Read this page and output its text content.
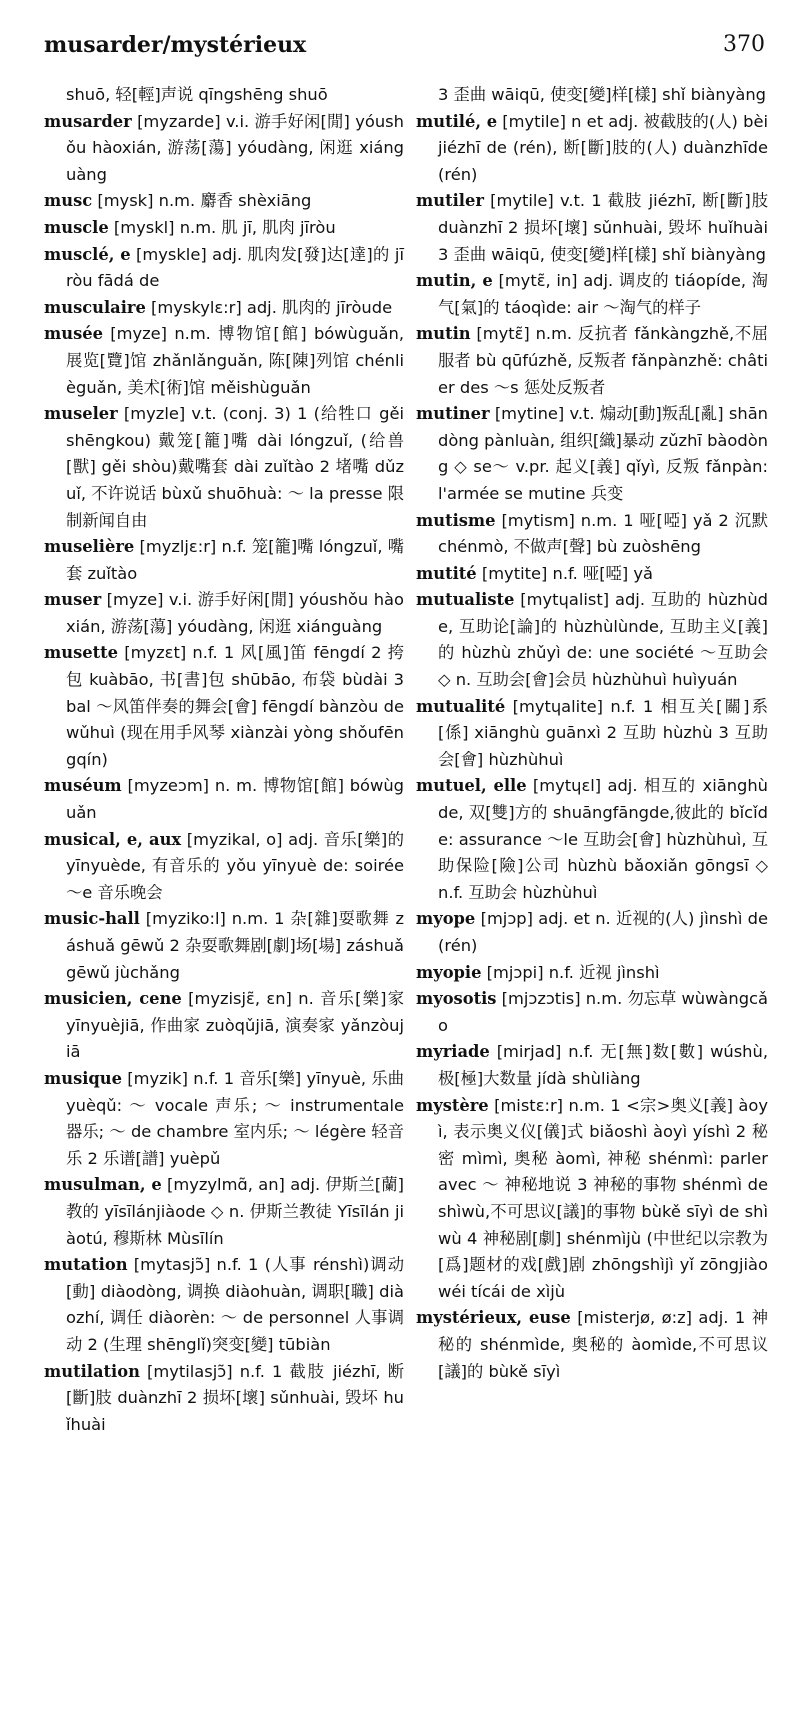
musarder/mystérieux	370

shuō, 轻[輕]声说 qīngshēng shuō

musarder [myzarde] v.i. 游手好闲[閒] yóushǒu hàoxián, 游荡[蕩] yóudàng, 闲逛 xiánguàng

musc [mysk] n.m. 麝香 shèxiāng

muscle [myskl] n.m. 肌 jī, 肌肉 jīròu

musclé, e [myskle] adj. 肌肉发[發]达[達]的 jīròu fādá de

musculaire [myskylɛ:r] adj. 肌肉的 jīròude

musée [myze] n.m. 博物馆[館] bówùguǎn, 展览[覽]馆 zhǎnlǎnguǎn, 陈[陳]列馆 chénlièguǎn, 美术[術]馆 měishùguǎn

museler [myzle] v.t. (conj. 3) 1 (给牲口 gěi shēngkou) 戴笼[籠]嘴 dài lóngzuǐ, (给兽[獸] gěi shòu)戴嘴套 dài zuǐtào 2 堵嘴 dǔzuǐ, 不许说话 bùxǔ shuōhuà: ～ la presse 限制新闻自由

muselière [myzljɛ:r] n.f. 笼[籠]嘴 lóngzuǐ, 嘴套 zuǐtào

muser [myze] v.i. 游手好闲[閒] yóushǒu hàoxián, 游荡[蕩] yóudàng, 闲逛 xiánguàng

musette [myzɛt] n.f. 1 风[風]笛 fēngdí 2 挎包 kuàbāo, 书[書]包 shūbāo, 布袋 bùdài 3 bal ～风笛伴奏的舞会[會] fēngdí bànzòu de wǔhuì (现在用手风琴 xiànzài yòng shǒufēngqín)

muséum [myzeɔm] n. m. 博物馆[館] bówùguǎn

musical, e, aux [myzikal, o] adj. 音乐[樂]的 yīnyuède, 有音乐的 yǒu yīnyuè de: soirée ～e 音乐晚会

music-hall [myziko:l] n.m. 1 杂[雜]耍歌舞 záshuǎ gēwǔ 2 杂耍歌舞剧[劇]场[場] záshuǎ gēwǔ jùchǎng

musicien, cene [myzisjɛ̃, ɛn] n. 音乐[樂]家 yīnyuèjiā, 作曲家 zuòqǔjiā, 演奏家 yǎnzòujiā

musique [myzik] n.f. 1 音乐[樂] yīnyuè, 乐曲 yuèqǔ: ～ vocale 声乐; ～ instrumentale 器乐; ～ de chambre 室内乐; ～ légère 轻音乐 2 乐谱[譜] yuèpǔ

musulman, e [myzylmɑ̃, an] adj. 伊斯兰[蘭]教的 yīsīlánjiàode ◇ n. 伊斯兰教徒 Yīsīlán jiàotú, 穆斯林 Mùsīlín

mutation [mytasjɔ̃] n.f. 1 (人事 rénshì)调动[動] diàodòng, 调换 diàohuàn, 调职[職] diàozhí, 调任 diàorèn: ～ de personnel 人事调动 2 (生理 shēnglǐ)突变[變] tūbiàn

mutilation [mytilasjɔ̃] n.f. 1 截肢 jiézhī, 断[斷]肢 duànzhī 2 损坏[壞] sǔnhuài, 毁坏 huǐhuài

3 歪曲 wāiqū, 使变[變]样[樣] shǐ biànyàng

mutilé, e [mytile] n et adj. 被截肢的(人) bèi jiézhī de (rén), 断[斷]肢的(人) duànzhīde(rén)

mutiler [mytile] v.t. 1 截肢 jiézhī, 断[斷]肢 duànzhī 2 损坏[壞] sǔnhuài, 毁坏 huǐhuài 3 歪曲 wāiqū, 使变[變]样[樣] shǐ biànyàng

mutin, e [mytɛ̃, in] adj. 调皮的 tiáopíde, 淘气[氣]的 táoqìde: air ～淘气的样子

mutin [mytɛ̃] n.m. 反抗者 fǎnkàngzhě,不屈服者 bù qūfúzhě, 反叛者 fǎnpànzhě: châtier des ～s 惩处反叛者

mutiner [mytine] v.t. 煽动[動]叛乱[亂] shāndòng pànluàn, 组织[織]暴动 zǔzhī bàodòng ◇ se～ v.pr. 起义[義] qǐyì, 反叛 fǎnpàn: l'armée se mutine 兵变

mutisme [mytism] n.m. 1 哑[啞] yǎ 2 沉默 chénmò, 不做声[聲] bù zuòshēng

mutité [mytite] n.f. 哑[啞] yǎ

mutualiste [mytɥalist] adj. 互助的 hùzhùde, 互助论[論]的 hùzhùlùnde, 互助主义[義]的 hùzhù zhǔyì de: une société ～互助会 ◇ n. 互助会[會]会员 hùzhùhuì huìyuán

mutualité [mytɥalite] n.f. 1 相互关[關]系[係] xiānghù guānxì 2 互助 hùzhù 3 互助会[會] hùzhùhuì

mutuel, elle [mytɥɛl] adj. 相互的 xiānghùde, 双[雙]方的 shuāngfāngde,彼此的 bǐcǐde: assurance ～le 互助会[會] hùzhùhuì, 互助保险[險]公司 hùzhù bǎoxiǎn gōngsī ◇ n.f. 互助会 hùzhùhuì

myope [mjɔp] adj. et n. 近视的(人) jìnshì de (rén)

myopie [mjɔpi] n.f. 近视 jìnshì

myosotis [mjɔzɔtis] n.m. 勿忘草 wùwàngcǎo

myriade [mirjad] n.f. 无[無]数[數] wúshù, 极[極]大数量 jídà shùliàng

mystère [mistɛ:r] n.m. 1 <宗>奥义[義] àoyì, 表示奥义仪[儀]式 biǎoshì àoyì yíshì 2 秘密 mìmì, 奥秘 àomì, 神秘 shénmì: parler avec ～ 神秘地说 3 神秘的事物 shénmì de shìwù,不可思议[議]的事物 bùkě sīyì de shìwù 4 神秘剧[劇] shénmìjù (中世纪以宗教为[爲]题材的戏[戲]剧 zhōngshìjì yǐ zōngjiào wéi tícái de xìjù

mystérieux, euse [misterjø, ø:z] adj. 1 神秘的 shénmìde, 奥秘的 àomìde,不可思议[議]的 bùkě sīyì
